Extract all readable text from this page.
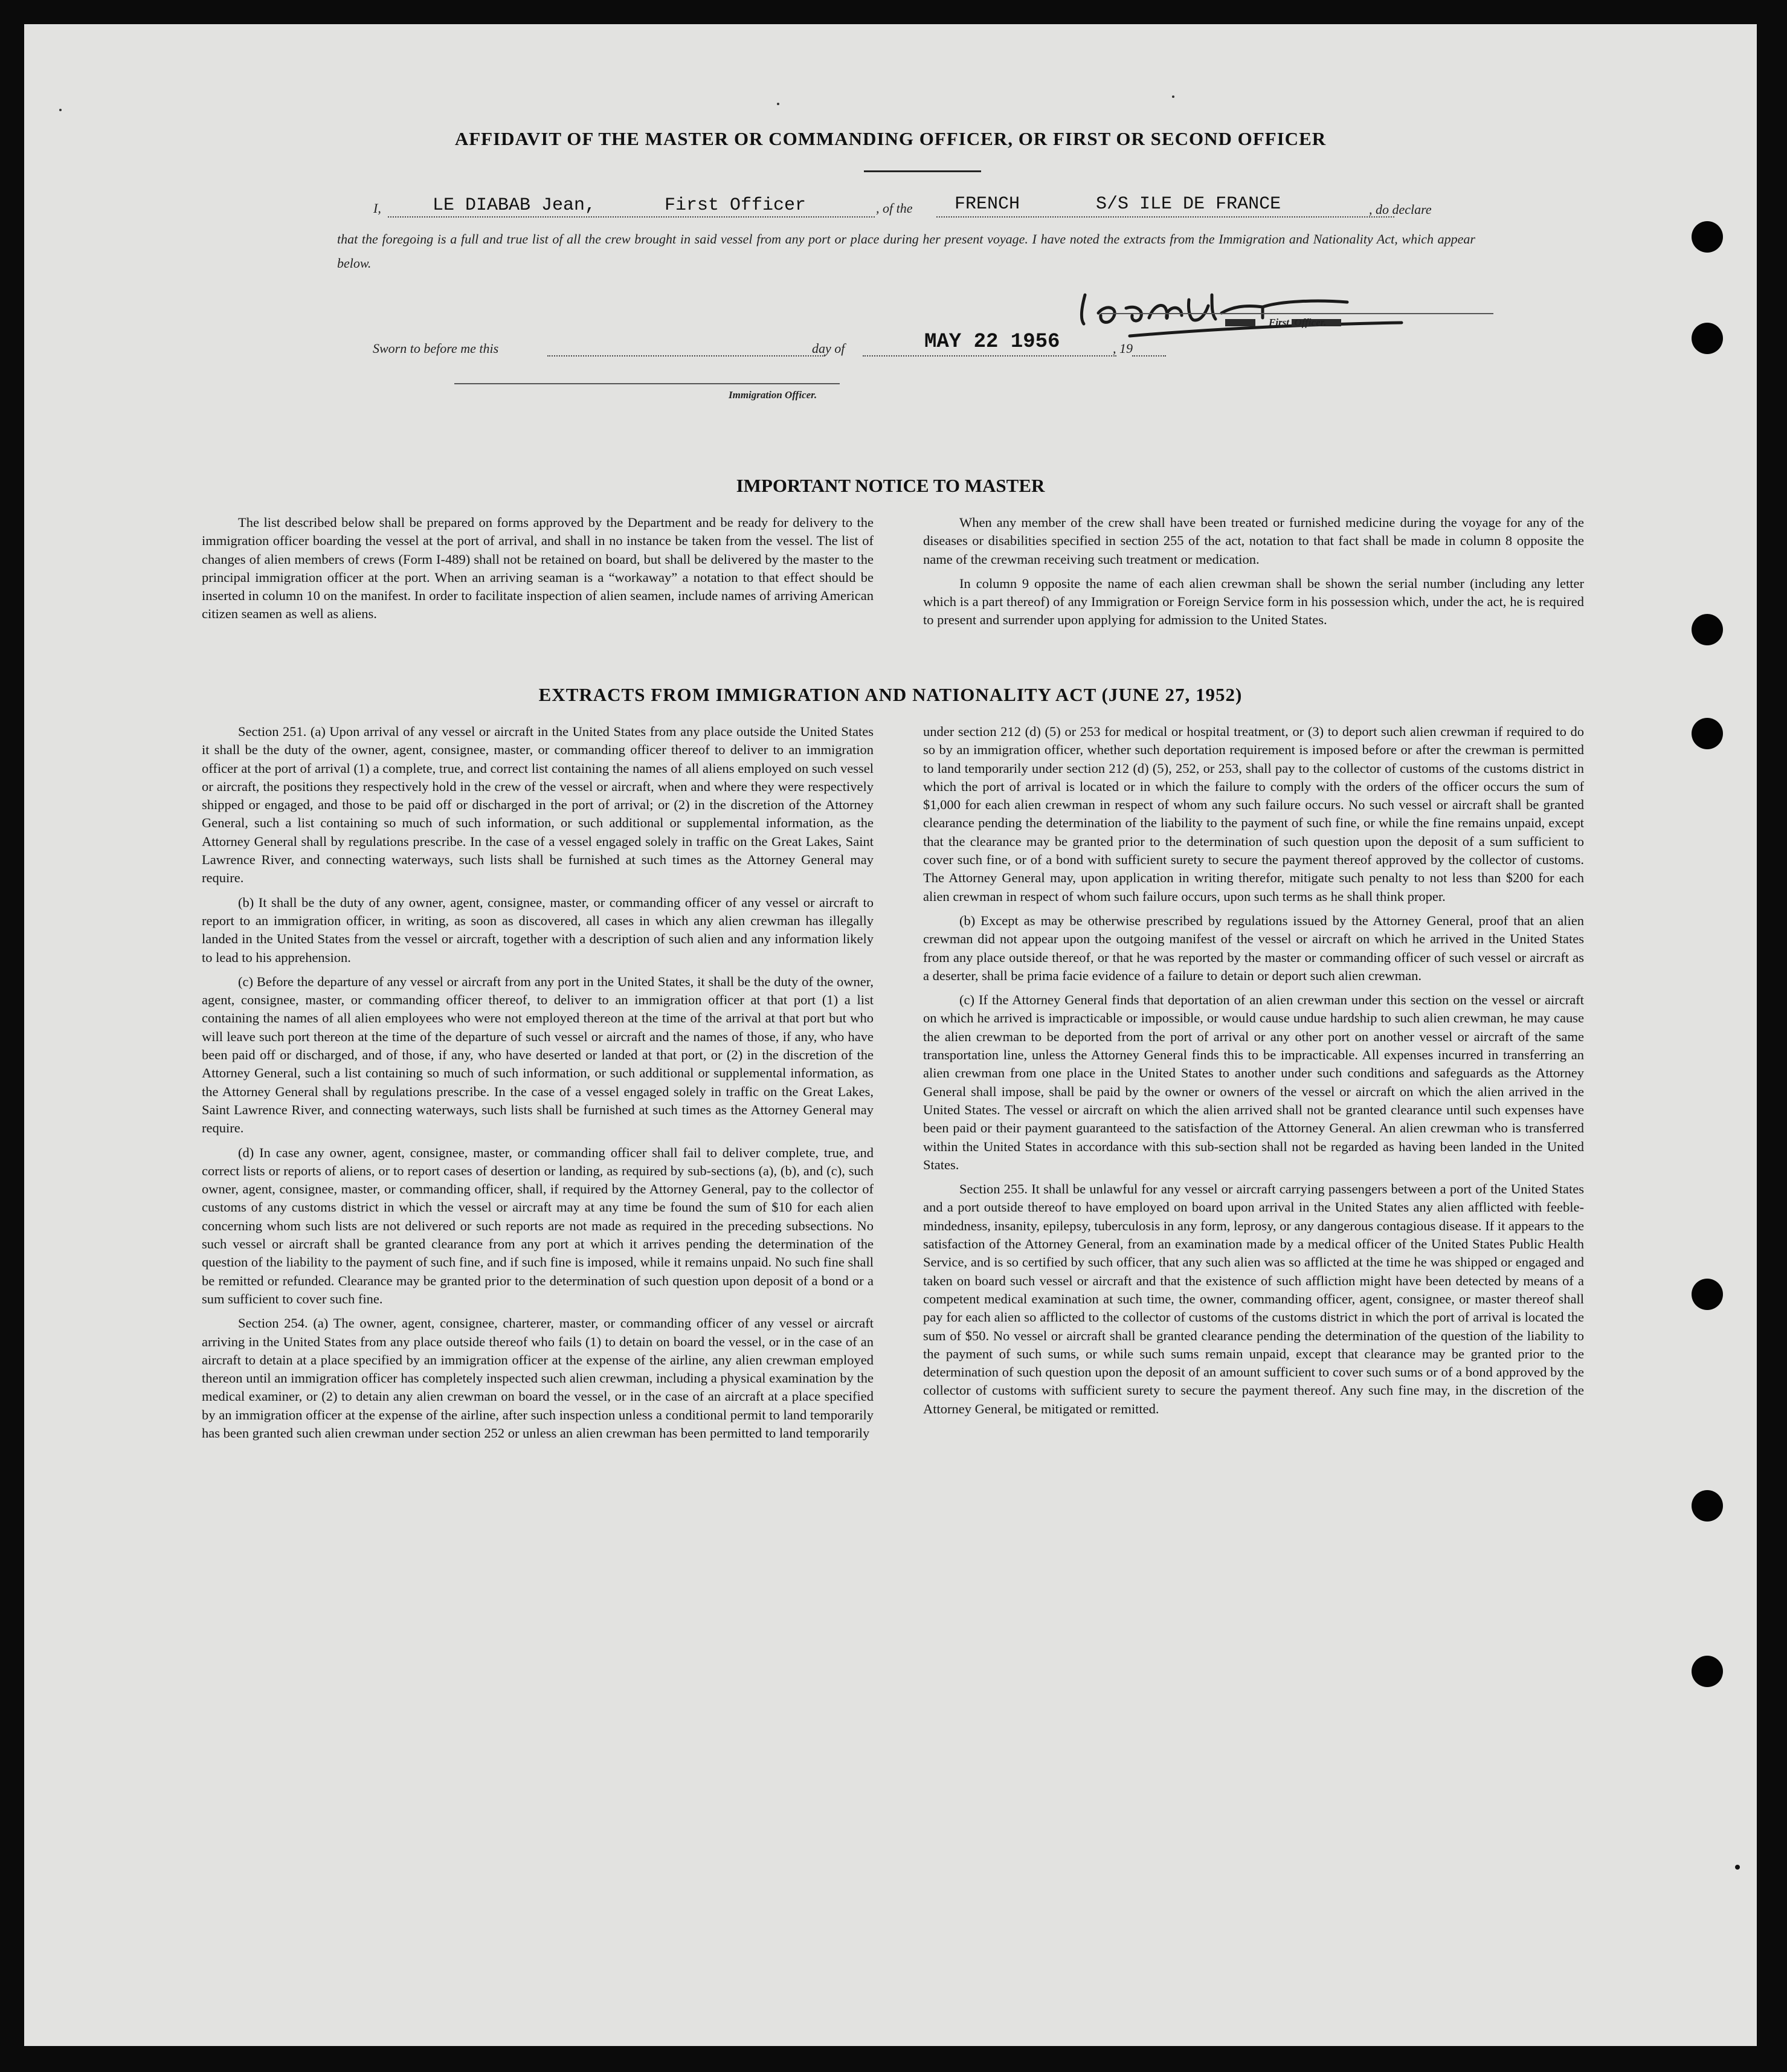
AFFIDAVIT OF THE MASTER OR COMMANDING OFFICER, OR FIRST OR SECOND OFFICER
I,	LE DIABAB Jean,	First Officer	, of the FRENCH       S/S ILE DE FRANCE	, do declare
that the foregoing is a full and true list of all the crew brought in said vessel from any port or place during her present voyage. I have noted the extracts from the Immigration and Nationality Act, which appear below.
First  Officer.
Sworn to before me this	day of	MAY 22 1956	, 19
Immigration Officer.
IMPORTANT NOTICE TO MASTER

The list described below shall be prepared on forms approved by the Department and be ready for delivery to the immigration officer boarding the vessel at the port of arrival, and shall in no instance be taken from the vessel. The list of changes of alien members of crews (Form I-489) shall not be retained on board, but shall be delivered by the master to the principal immigration officer at the port. When an arriving seaman is a “workaway” a notation to that effect should be inserted in column 10 on the manifest. In order to facilitate inspection of alien seamen, include names of arriving American citizen seamen as well as aliens.

When any member of the crew shall have been treated or furnished medicine during the voyage for any of the diseases or disabilities specified in section 255 of the act, notation to that fact shall be made in column 8 opposite the name of the crewman receiving such treatment or medication.

In column 9 opposite the name of each alien crewman shall be shown the serial number (including any letter which is a part thereof) of any Immigration or Foreign Service form in his possession which, under the act, he is required to present and surrender upon applying for admission to the United States.

EXTRACTS FROM IMMIGRATION AND NATIONALITY ACT (JUNE 27, 1952)

Section 251. (a) Upon arrival of any vessel or aircraft in the United States from any place outside the United States it shall be the duty of the owner, agent, consignee, master, or commanding officer thereof to deliver to an immigration officer at the port of arrival (1) a complete, true, and correct list containing the names of all aliens employed on such vessel or aircraft, the positions they respectively hold in the crew of the vessel or aircraft, when and where they were respectively shipped or engaged, and those to be paid off or discharged in the port of arrival; or (2) in the discretion of the Attorney General, such a list containing so much of such information, or such additional or supplemental information, as the Attorney General shall by regulations prescribe. In the case of a vessel engaged solely in traffic on the Great Lakes, Saint Lawrence River, and connecting waterways, such lists shall be furnished at such times as the Attorney General may require.

(b) It shall be the duty of any owner, agent, consignee, master, or commanding officer of any vessel or aircraft to report to an immigration officer, in writing, as soon as discovered, all cases in which any alien crewman has illegally landed in the United States from the vessel or aircraft, together with a description of such alien and any information likely to lead to his apprehension.

(c) Before the departure of any vessel or aircraft from any port in the United States, it shall be the duty of the owner, agent, consignee, master, or commanding officer thereof, to deliver to an immigration officer at that port (1) a list containing the names of all alien employees who were not employed thereon at the time of the arrival at that port but who will leave such port thereon at the time of the departure of such vessel or aircraft and the names of those, if any, who have been paid off or discharged, and of those, if any, who have deserted or landed at that port, or (2) in the discretion of the Attorney General, such a list containing so much of such information, or such additional or supplemental information, as the Attorney General shall by regulations prescribe. In the case of a vessel engaged solely in traffic on the Great Lakes, Saint Lawrence River, and connecting waterways, such lists shall be furnished at such times as the Attorney General may require.

(d) In case any owner, agent, consignee, master, or commanding officer shall fail to deliver complete, true, and correct lists or reports of aliens, or to report cases of desertion or landing, as required by sub-sections (a), (b), and (c), such owner, agent, consignee, master, or commanding officer, shall, if required by the Attorney General, pay to the collector of customs of any customs district in which the vessel or aircraft may at any time be found the sum of $10 for each alien concerning whom such lists are not delivered or such reports are not made as required in the preceding subsections. No such vessel or aircraft shall be granted clearance from any port at which it arrives pending the determination of the question of the liability to the payment of such fine, and if such fine is imposed, while it remains unpaid. No such fine shall be remitted or refunded. Clearance may be granted prior to the determination of such question upon deposit of a bond or a sum sufficient to cover such fine.

Section 254. (a) The owner, agent, consignee, charterer, master, or commanding officer of any vessel or aircraft arriving in the United States from any place outside thereof who fails (1) to detain on board the vessel, or in the case of an aircraft to detain at a place specified by an immigration officer at the expense of the airline, any alien crewman employed thereon until an immigration officer has completely inspected such alien crewman, including a physical examination by the medical examiner, or (2) to detain any alien crewman on board the vessel, or in the case of an aircraft at a place specified by an immigration officer at the expense of the airline, after such inspection unless a conditional permit to land temporarily has been granted such alien crewman under section 252 or unless an alien crewman has been permitted to land temporarily

under section 212 (d) (5) or 253 for medical or hospital treatment, or (3) to deport such alien crewman if required to do so by an immigration officer, whether such deportation requirement is imposed before or after the crewman is permitted to land temporarily under section 212 (d) (5), 252, or 253, shall pay to the collector of customs of the customs district in which the port of arrival is located or in which the failure to comply with the orders of the officer occurs the sum of $1,000 for each alien crewman in respect of whom any such failure occurs. No such vessel or aircraft shall be granted clearance pending the determination of the liability to the payment of such fine, or while the fine remains unpaid, except that the clearance may be granted prior to the determination of such question upon the deposit of a sum sufficient to cover such fine, or of a bond with sufficient surety to secure the payment thereof approved by the collector of customs. The Attorney General may, upon application in writing therefor, mitigate such penalty to not less than $200 for each alien crewman in respect of whom such failure occurs, upon such terms as he shall think proper.

(b) Except as may be otherwise prescribed by regulations issued by the Attorney General, proof that an alien crewman did not appear upon the outgoing manifest of the vessel or aircraft on which he arrived in the United States from any place outside thereof, or that he was reported by the master or commanding officer of such vessel or aircraft as a deserter, shall be prima facie evidence of a failure to detain or deport such alien crewman.

(c) If the Attorney General finds that deportation of an alien crewman under this section on the vessel or aircraft on which he arrived is impracticable or impossible, or would cause undue hardship to such alien crewman, he may cause the alien crewman to be deported from the port of arrival or any other port on another vessel or aircraft of the same transportation line, unless the Attorney General finds this to be impracticable. All expenses incurred in transferring an alien crewman from one place in the United States to another under such conditions and safeguards as the Attorney General shall impose, shall be paid by the owner or owners of the vessel or aircraft on which the alien arrived in the United States. The vessel or aircraft on which the alien arrived shall not be granted clearance until such expenses have been paid or their payment guaranteed to the satisfaction of the Attorney General. An alien crewman who is transferred within the United States in accordance with this sub-section shall not be regarded as having been landed in the United States.

Section 255. It shall be unlawful for any vessel or aircraft carrying passengers between a port of the United States and a port outside thereof to have employed on board upon arrival in the United States any alien afflicted with feeble-mindedness, insanity, epilepsy, tuberculosis in any form, leprosy, or any dangerous contagious disease. If it appears to the satisfaction of the Attorney General, from an examination made by a medical officer of the United States Public Health Service, and is so certified by such officer, that any such alien was so afflicted at the time he was shipped or engaged and taken on board such vessel or aircraft and that the existence of such affliction might have been detected by means of a competent medical examination at such time, the owner, commanding officer, agent, consignee, or master thereof shall pay for each alien so afflicted to the collector of customs of the customs district in which the port of arrival is located the sum of $50. No vessel or aircraft shall be granted clearance pending the determination of the question of the liability to the payment of such sums, or while such sums remain unpaid, except that clearance may be granted prior to the determination of such question upon the deposit of an amount sufficient to cover such sums or of a bond approved by the collector of customs with sufficient surety to secure the payment thereof. Any such fine may, in the discretion of the Attorney General, be mitigated or remitted.
